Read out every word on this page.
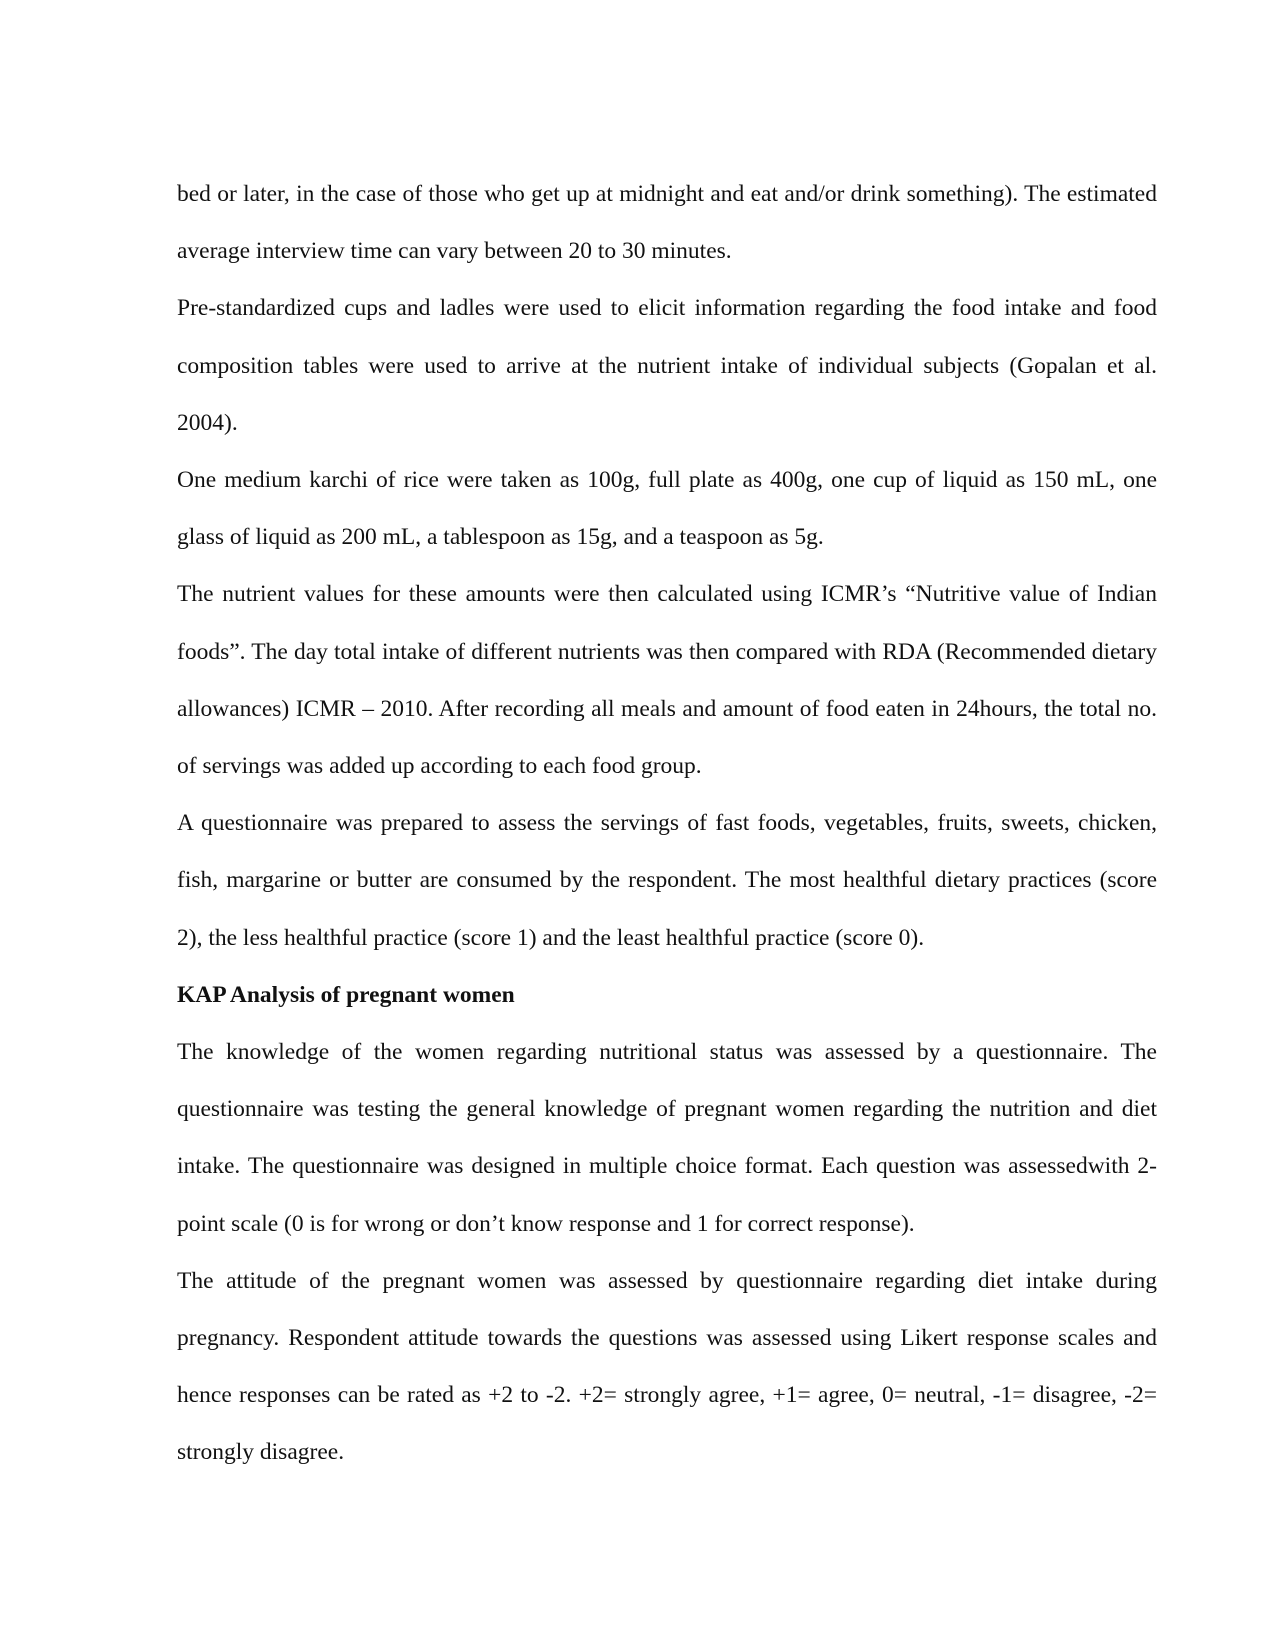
bed or later, in the case of those who get up at midnight and eat and/or drink something). The estimated average interview time can vary between 20 to 30 minutes.

Pre-standardized cups and ladles were used to elicit information regarding the food intake and food composition tables were used to arrive at the nutrient intake of individual subjects (Gopalan et al. 2004).

One medium karchi of rice were taken as 100g, full plate as 400g, one cup of liquid as 150 mL, one glass of liquid as 200 mL, a tablespoon as 15g, and a teaspoon as 5g.

The nutrient values for these amounts were then calculated using ICMR’s “Nutritive value of Indian foods”. The day total intake of different nutrients was then compared with RDA (Recommended dietary allowances) ICMR – 2010. After recording all meals and amount of food eaten in 24hours, the total no. of servings was added up according to each food group.

A questionnaire was prepared to assess the servings of fast foods, vegetables, fruits, sweets, chicken, fish, margarine or butter are consumed by the respondent. The most healthful dietary practices (score 2), the less healthful practice (score 1) and the least healthful practice (score 0).

KAP Analysis of pregnant women

The knowledge of the women regarding nutritional status was assessed by a questionnaire. The questionnaire was testing the general knowledge of pregnant women regarding the nutrition and diet intake. The questionnaire was designed in multiple choice format. Each question was assessedwith 2-point scale (0 is for wrong or don’t know response and 1 for correct response).

The attitude of the pregnant women was assessed by questionnaire regarding diet intake during pregnancy. Respondent attitude towards the questions was assessed using Likert response scales and hence responses can be rated as +2 to -2. +2= strongly agree, +1= agree, 0= neutral, -1= disagree, -2= strongly disagree.
